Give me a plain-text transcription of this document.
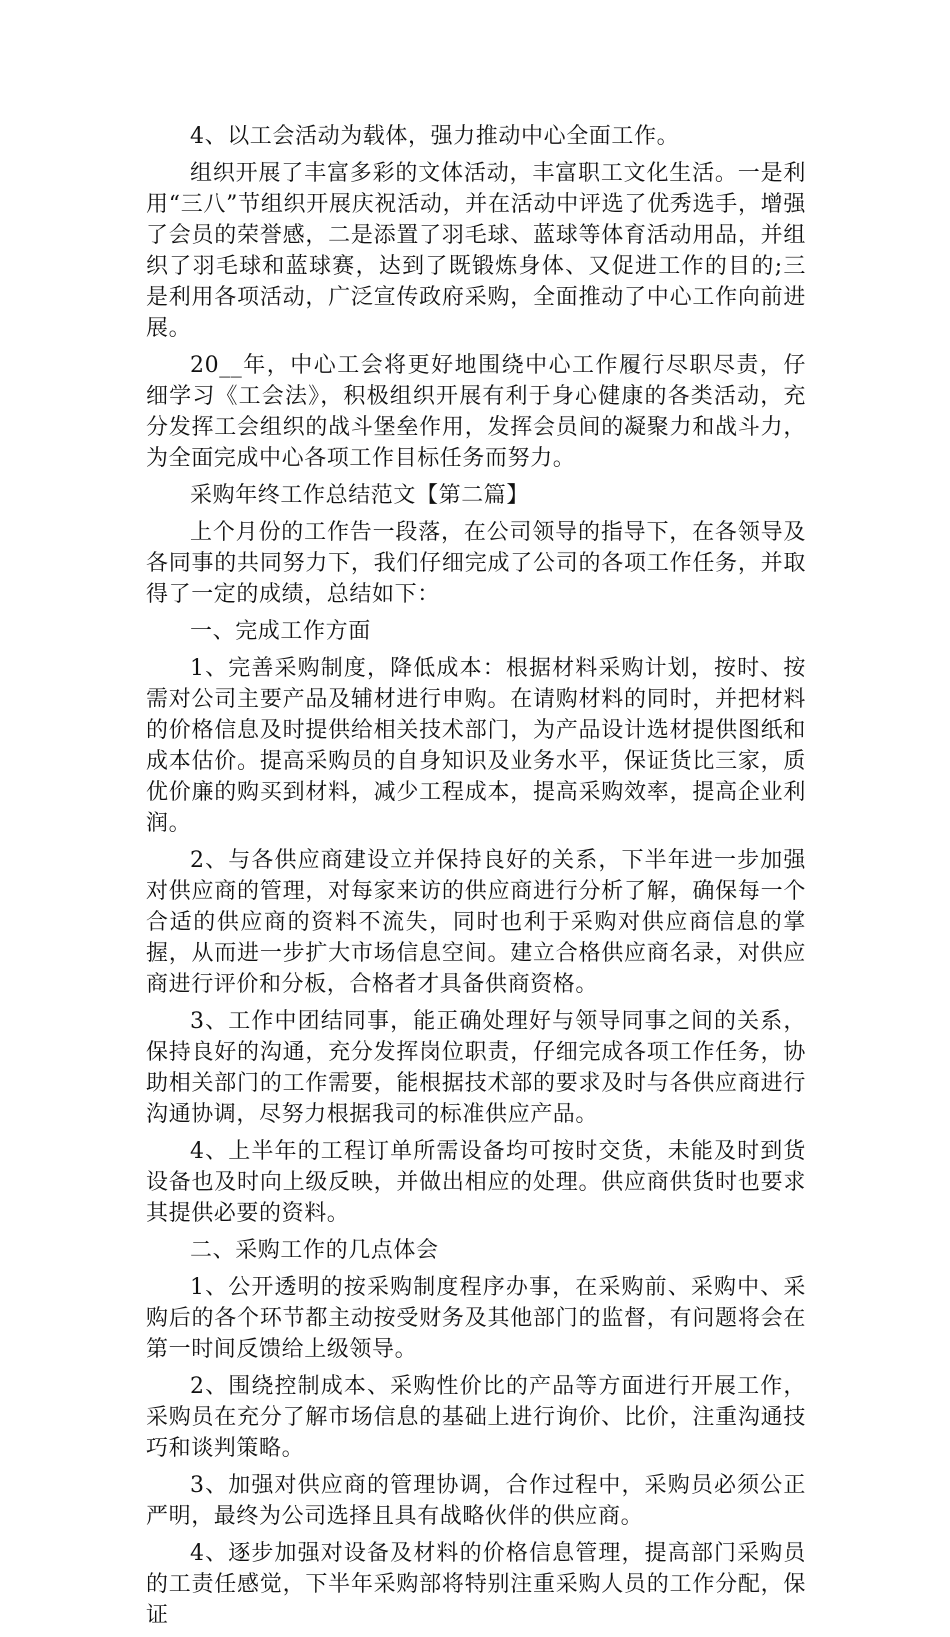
4、以工会活动为载体，强力推动中心全面工作。

组织开展了丰富多彩的文体活动，丰富职工文化生活。一是利用“三八”节组织开展庆祝活动，并在活动中评选了优秀选手，增强了会员的荣誉感，二是添置了羽毛球、蓝球等体育活动用品，并组织了羽毛球和蓝球赛，达到了既锻炼身体、又促进工作的目的;三是利用各项活动，广泛宣传政府采购，全面推动了中心工作向前进展。

20__年，中心工会将更好地围绕中心工作履行尽职尽责，仔细学习《工会法》，积极组织开展有利于身心健康的各类活动，充分发挥工会组织的战斗堡垒作用，发挥会员间的凝聚力和战斗力，为全面完成中心各项工作目标任务而努力。

采购年终工作总结范文【第二篇】

上个月份的工作告一段落，在公司领导的指导下，在各领导及各同事的共同努力下，我们仔细完成了公司的各项工作任务，并取得了一定的成绩，总结如下：

一、完成工作方面

1、完善采购制度，降低成本：根据材料采购计划，按时、按需对公司主要产品及辅材进行申购。在请购材料的同时，并把材料的价格信息及时提供给相关技术部门，为产品设计选材提供图纸和成本估价。提高采购员的自身知识及业务水平，保证货比三家，质优价廉的购买到材料，减少工程成本，提高采购效率，提高企业利润。

2、与各供应商建设立并保持良好的关系，下半年进一步加强对供应商的管理，对每家来访的供应商进行分析了解，确保每一个合适的供应商的资料不流失，同时也利于采购对供应商信息的掌握，从而进一步扩大市场信息空间。建立合格供应商名录，对供应商进行评价和分板，合格者才具备供商资格。

3、工作中团结同事，能正确处理好与领导同事之间的关系，保持良好的沟通，充分发挥岗位职责，仔细完成各项工作任务，协助相关部门的工作需要，能根据技术部的要求及时与各供应商进行沟通协调，尽努力根据我司的标准供应产品。

4、上半年的工程订单所需设备均可按时交货，未能及时到货设备也及时向上级反映，并做出相应的处理。供应商供货时也要求其提供必要的资料。

二、采购工作的几点体会

1、公开透明的按采购制度程序办事，在采购前、采购中、采购后的各个环节都主动按受财务及其他部门的监督，有问题将会在第一时间反馈给上级领导。

2、围绕控制成本、采购性价比的产品等方面进行开展工作，采购员在充分了解市场信息的基础上进行询价、比价，注重沟通技巧和谈判策略。

3、加强对供应商的管理协调，合作过程中，采购员必须公正严明，最终为公司选择且具有战略伙伴的供应商。

4、逐步加强对设备及材料的价格信息管理，提高部门采购员的工责任感觉，下半年采购部将特别注重采购人员的工作分配，保证
